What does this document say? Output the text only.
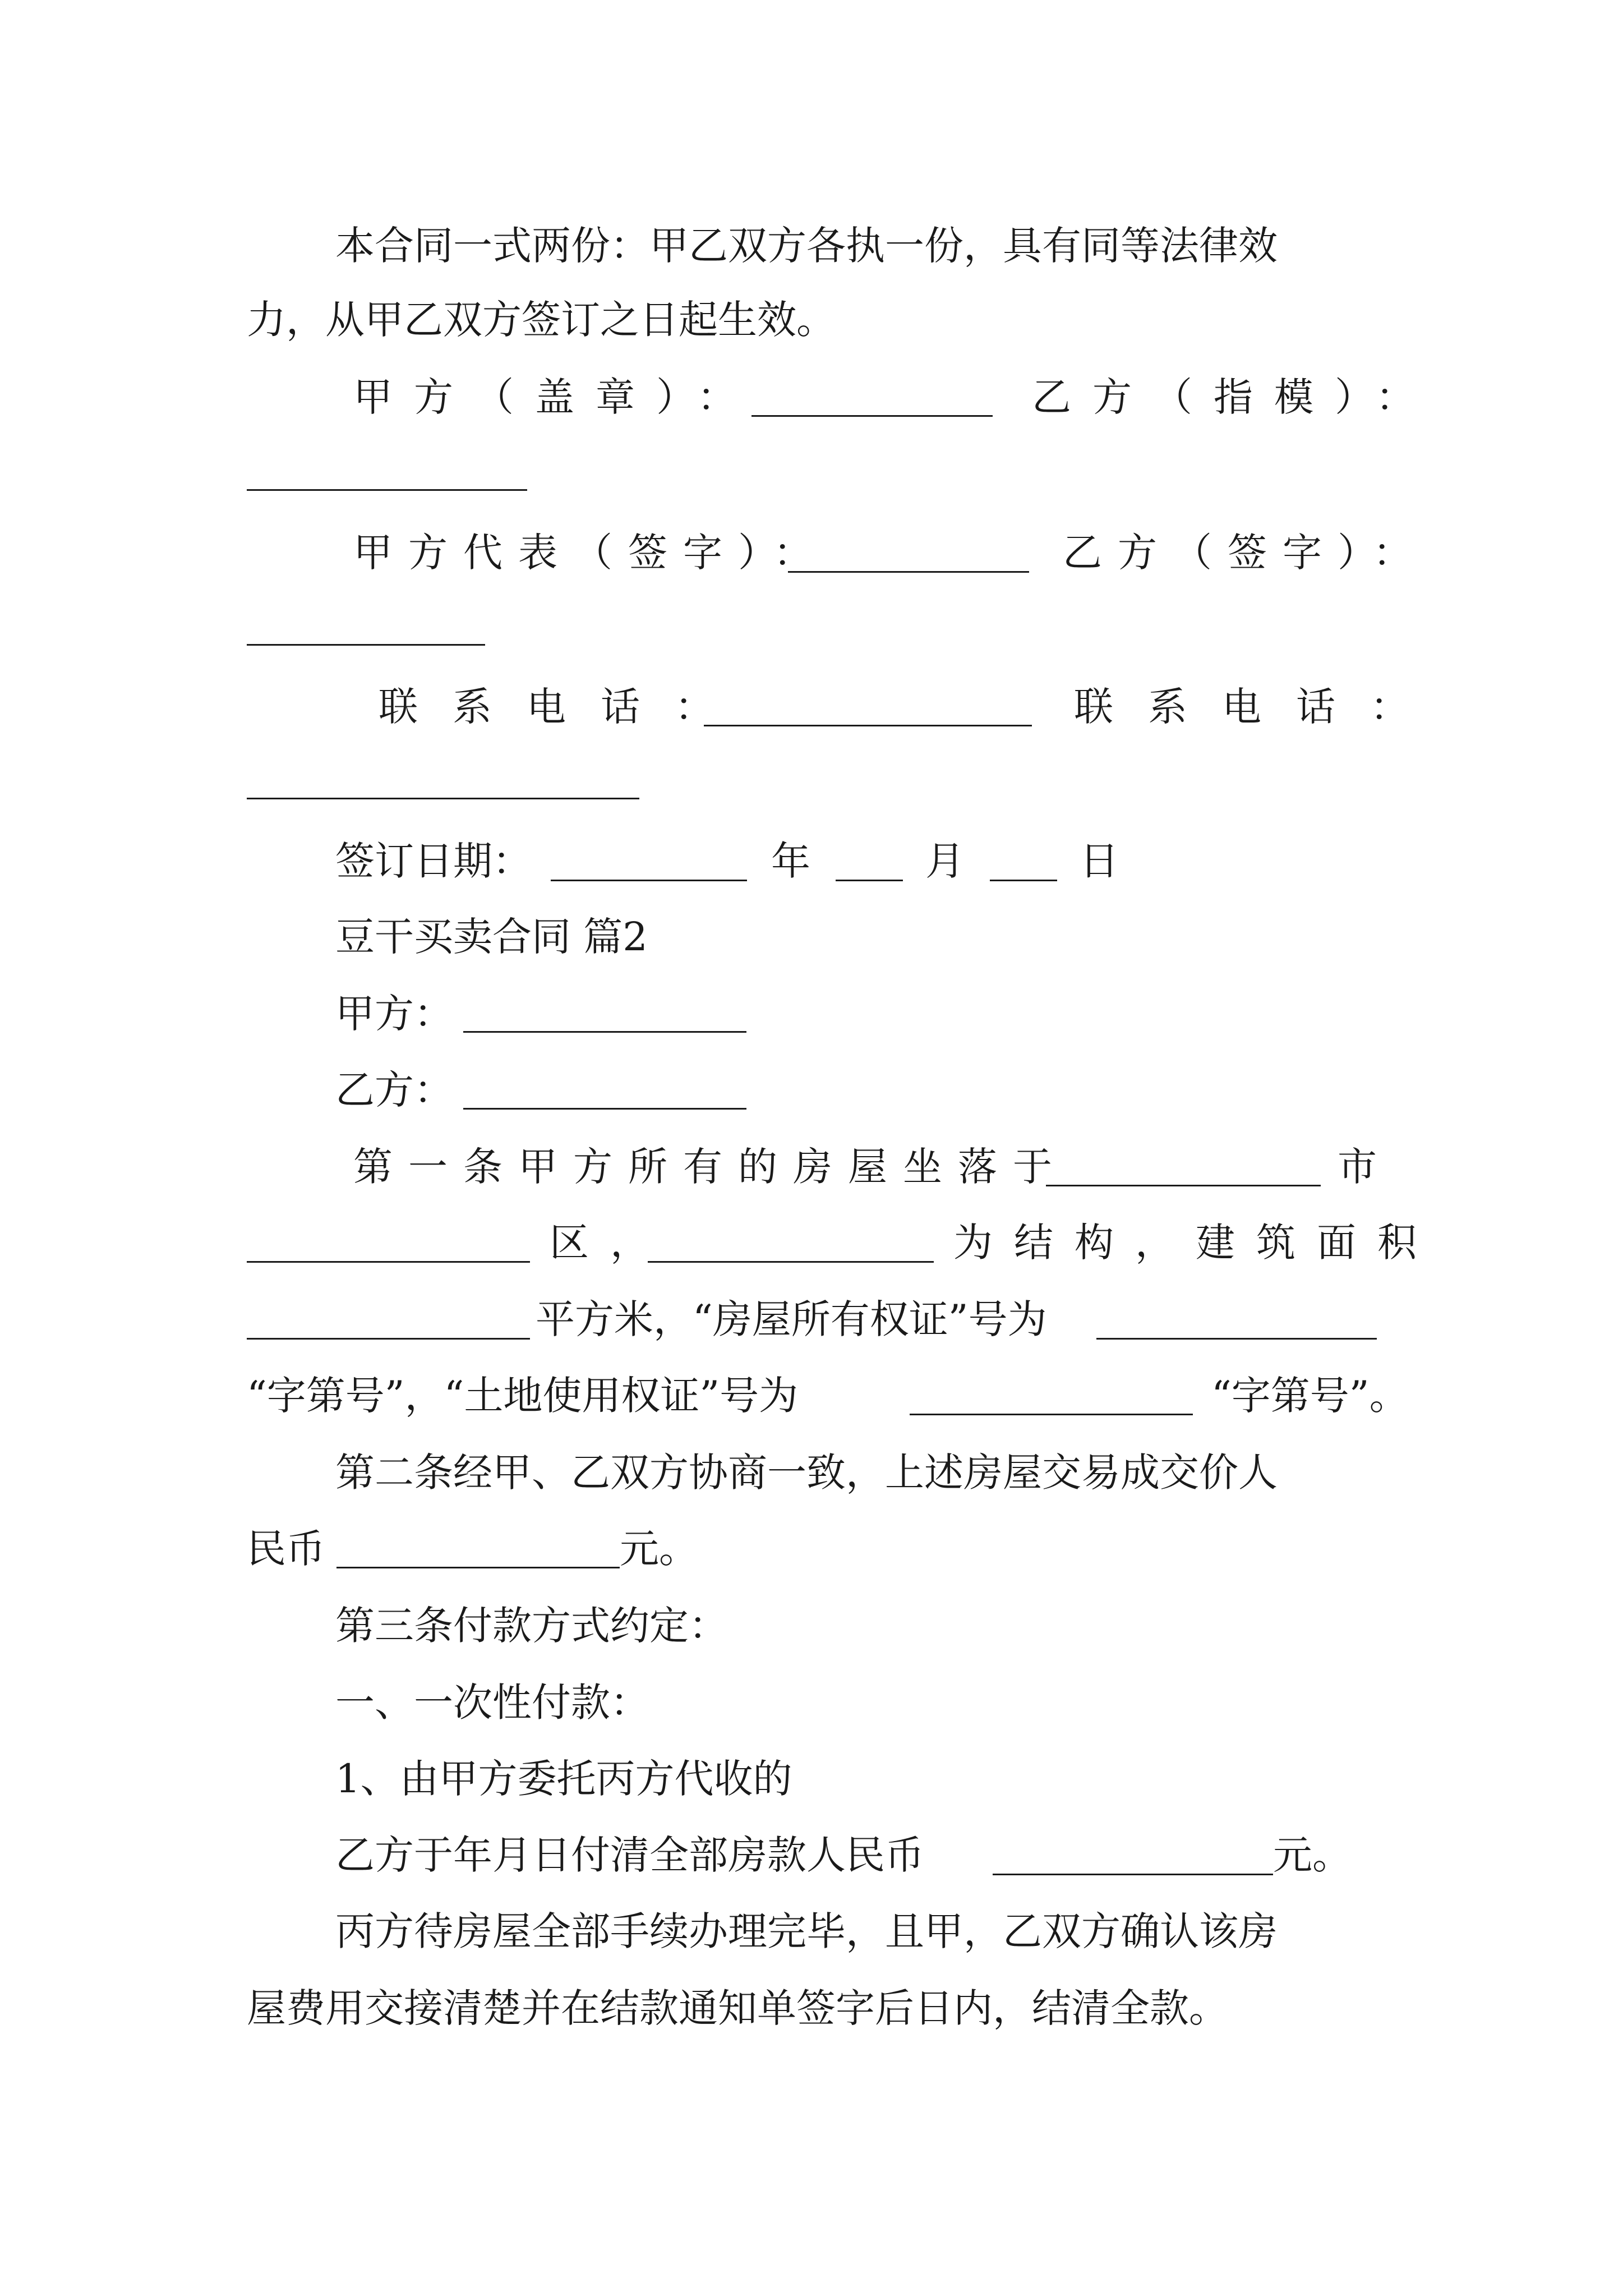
本合同一式两份：甲乙双方各执一份，具有同等法律效
力，从甲乙双方签订之日起生效。
甲方（盖章）：	乙方（指模）：
甲方代表（签字）：	乙方（签字）：
联系电话：	联系电话：
签订日期：	年	月	日
豆干买卖合同 篇2
甲方：
乙方：
第一条甲方所有的房屋坐落于	市
区，	为结构，建筑面积
平方米，“房屋所有权证”号为
“字第号”，“土地使用权证”号为	“字第号”。
第二条经甲、乙双方协商一致，上述房屋交易成交价人
民币	元。
第三条付款方式约定：
一、一次性付款：
1、由甲方委托丙方代收的
乙方于年月日付清全部房款人民币	元。
丙方待房屋全部手续办理完毕，且甲，乙双方确认该房
屋费用交接清楚并在结款通知单签字后日内，结清全款。
